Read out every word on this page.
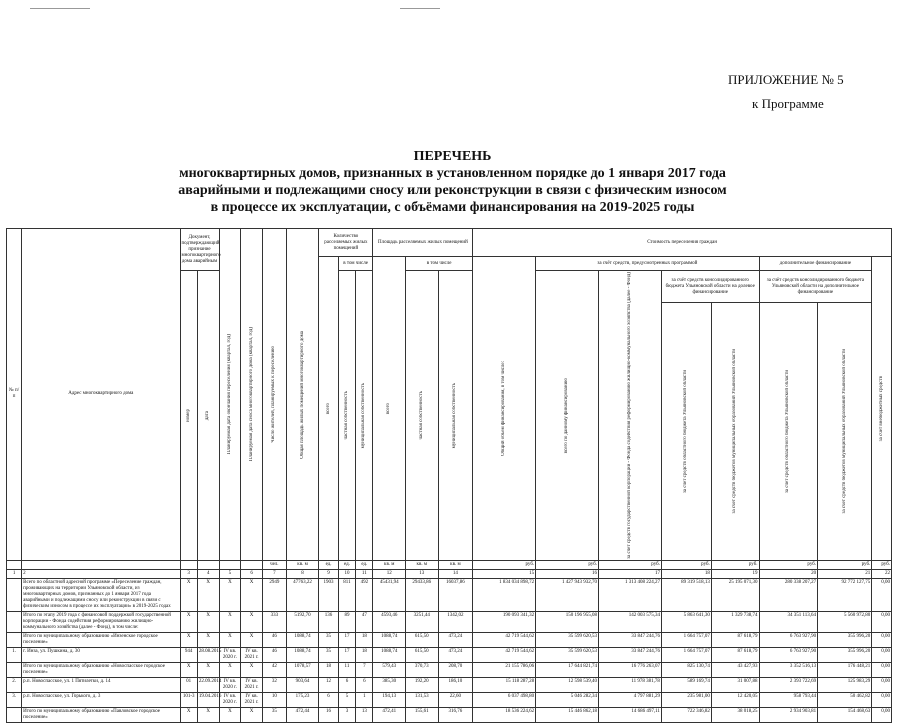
ПРИЛОЖЕНИЕ № 5
к Программе
ПЕРЕЧЕНЬ
многоквартирных домов, признанных в установленном порядке до 1 января 2017 года
аварийными и подлежащими сносу или реконструкции в связи с физическим износом
в процессе их эксплуатации, с объёмами финансирования на 2019-2025 годы
№ п/п	Адрес многоквартирного дома	Документ, подтверждающий признание многоквартирного дома аварийным		Планируемая дата окончания переселения (квартал, год)	Планируемая дата сноса многоквартирного дома (квартал, год)	Число жителей, планируемых к переселению	Общая площадь жилых помещений многоквартирного дома	Количество расселяемых жилых помещений			Площадь расселяемых жилых помещений			Стоимость переселения граждан							

								всего	в том числе		всего	в том числе		Общий объём финансирования, в том числе:	за счёт средств, предусмотренных программой				дополнительное финансирование		за счёт внебюджетных средств

		номер	дата						частная собственность	муниципальная собственность		частная собственность	муниципальная собственность		всего по данному финансированию	за счёт средств государственной корпорации - Фонда содействия реформированию жилищно-коммунального хозяйства (далее - Фонд)	за счёт средств консолидированного бюджета Ульяновской области на долевое финансирование		за счёт средств консолидированного бюджета Ульяновской области на дополнительное финансирование		

																	за счёт средств областного бюджета Ульяновской области	за счёт средств бюджетов муниципальных образований Ульяновской области	за счёт средств областного бюджета Ульяновской области	за счёт средств бюджетов муниципальных образований Ульяновской области	

						чел.	кв. м	ед.	ед.	ед.	кв. м	кв. м	кв. м	руб.	руб.	руб.	руб.	руб.	руб.	руб.	руб.
1	2	3	4	5	6	7	8	9	10	11	12	13	14	15	16	17	18	19	20	21	22
	Всего по областной адресной программе «Переселение граждан, проживающих на территории Ульяновской области, из многоквартирных домов, признанных до 1 января 2017 года аварийными и подлежащими сносу или реконструкции в связи с физическим износом в процессе их эксплуатации» в 2019-2025 годах	X	X	X	X	2949	47763,22	1903	811	492	45431,94	29433,86	16037,86	1 834 034 898,72	1 427 943 932,70	1 313 408 224,27	89 319 518,13	25 195 071,30	280 338 207,27	92 772 127,75	0,00
	Итого по этапу 2019 года с финансовой поддержкой государственной корпорации - Фонда содействия реформированию жилищно-коммунального хозяйства (далее - Фонд), в том числе:	X	X	X	X	333	5192,70	136	89	47	4593,46	3251,44	1342,02	190 093 341,32	150 196 955,08	142 003 575,34	5 863 641,30	1 329 738,74	34 351 113,64	5 560 972,80	0,00
	Итого по муниципальному образованию «Инзенское городское поселение»	X	X	X	X	46	1088,74	35	17	18	1088,74	615,50	473,24	42 719 544,62	35 599 620,53	33 847 244,76	1 664 757,07	87 618,79	6 763 927,90	355 996,20	0,00
1.	г. Инза, ул. Пушкина, д. 30	944	28.08.2015	IV кв. 2020 г.	IV кв. 2021 г.	46	1088,74	35	17	18	1088,74	615,50	473,24	42 719 544,62	35 599 620,53	33 847 244,76	1 664 757,07	87 618,79	6 763 927,90	355 996,20	0,00
	Итого по муниципальному образованию «Новоспасское городское поселение»	X	X	X	X	42	1078,57	18	11	7	579,43	370,73	208,70	21 155 786,06	17 644 821,74	16 776 263,07	825 130,74	43 427,93	3 352 516,13	176 448,21	0,00
2.	р.п. Новоспасское, ул. 1 Пятилетки, д. 14	01	22.09.2014	IV кв. 2020 г.	IV кв. 2021 г.	32	903,64	12	6	6	385,30	192,20	186,10	15 118 287,28	12 598 539,40	11 978 381,78	589 169,74	31 007,88	2 393 722,69	125 983,29	0,00
3.	р.п. Новоспасское, ул. Горького, д. 3	101-3	19.04.2016	IV кв. 2020 г.	IV кв. 2021 г.	10	175,23	6	5	1	194,13	131,53	22,60	6 037 498,80	5 046 282,34	4 797 881,29	235 981,00	12 420,05	958 793,44	50 462,82	0,00
	Итого по муниципальному образованию «Павловское городское поселение»	X	X	X	X	35	472,44	16	3	13	472,41	155,61	316,76	18 536 224,62	15 446 862,18	14 686 497,11	722 346,82	38 018,25	2 934 903,81	154 468,63	0,00
